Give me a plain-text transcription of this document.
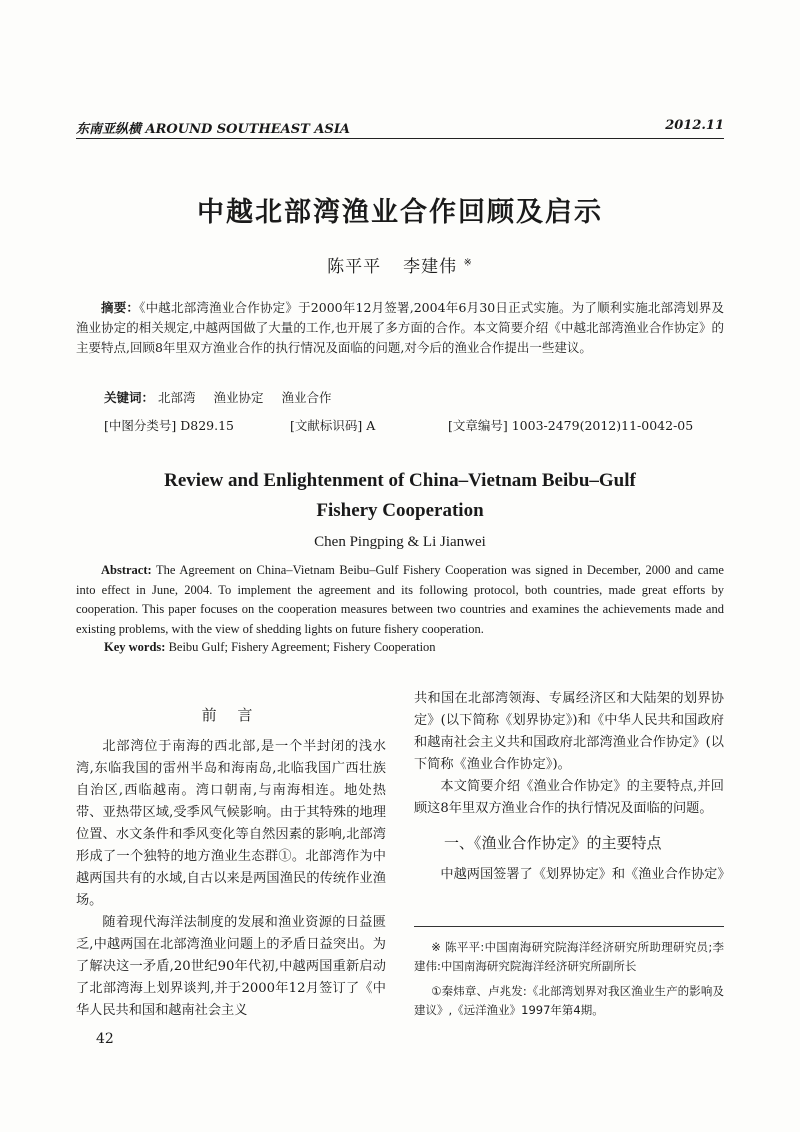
东南亚纵横 AROUND SOUTHEAST ASIA	2012.11
中越北部湾渔业合作回顾及启示
陈平平 李建伟 ※
摘要：《中越北部湾渔业合作协定》于2000年12月签署,2004年6月30日正式实施。为了顺利实施北部湾划界及渔业协定的相关规定,中越两国做了大量的工作,也开展了多方面的合作。本文简要介绍《中越北部湾渔业合作协定》的主要特点,回顾8年里双方渔业合作的执行情况及面临的问题,对今后的渔业合作提出一些建议。
关键词： 北部湾 渔业协定 渔业合作
[中图分类号] D829.15	[文献标识码] A	[文章编号] 1003-2479(2012)11-0042-05
Review and Enlightenment of China–Vietnam Beibu–Gulf
Fishery Cooperation
Chen Pingping & Li Jianwei
Abstract: The Agreement on China–Vietnam Beibu–Gulf Fishery Cooperation was signed in December, 2000 and came into effect in June, 2004. To implement the agreement and its following protocol, both countries, made great efforts by cooperation. This paper focuses on the cooperation measures between two countries and examines the achievements made and existing problems, with the view of shedding lights on future fishery cooperation.
Key words: Beibu Gulf; Fishery Agreement; Fishery Cooperation
前 言

北部湾位于南海的西北部,是一个半封闭的浅水湾,东临我国的雷州半岛和海南岛,北临我国广西壮族自治区,西临越南。湾口朝南,与南海相连。地处热带、亚热带区域,受季风气候影响。由于其特殊的地理位置、水文条件和季风变化等自然因素的影响,北部湾形成了一个独特的地方渔业生态群①。北部湾作为中越两国共有的水域,自古以来是两国渔民的传统作业渔场。

随着现代海洋法制度的发展和渔业资源的日益匮乏,中越两国在北部湾渔业问题上的矛盾日益突出。为了解决这一矛盾,20世纪90年代初,中越两国重新启动了北部湾海上划界谈判,并于2000年12月签订了《中华人民共和国和越南社会主义

共和国在北部湾领海、专属经济区和大陆架的划界协定》(以下简称《划界协定》)和《中华人民共和国政府和越南社会主义共和国政府北部湾渔业合作协定》(以下简称《渔业合作协定》)。

本文简要介绍《渔业合作协定》的主要特点,并回顾这8年里双方渔业合作的执行情况及面临的问题。

一、《渔业合作协定》的主要特点

中越两国签署了《划界协定》和《渔业合作协定》

※ 陈平平:中国南海研究院海洋经济研究所助理研究员;李建伟:中国南海研究院海洋经济研究所副所长

①秦炜章、卢兆发:《北部湾划界对我区渔业生产的影响及建议》,《远洋渔业》1997年第4期。

42
